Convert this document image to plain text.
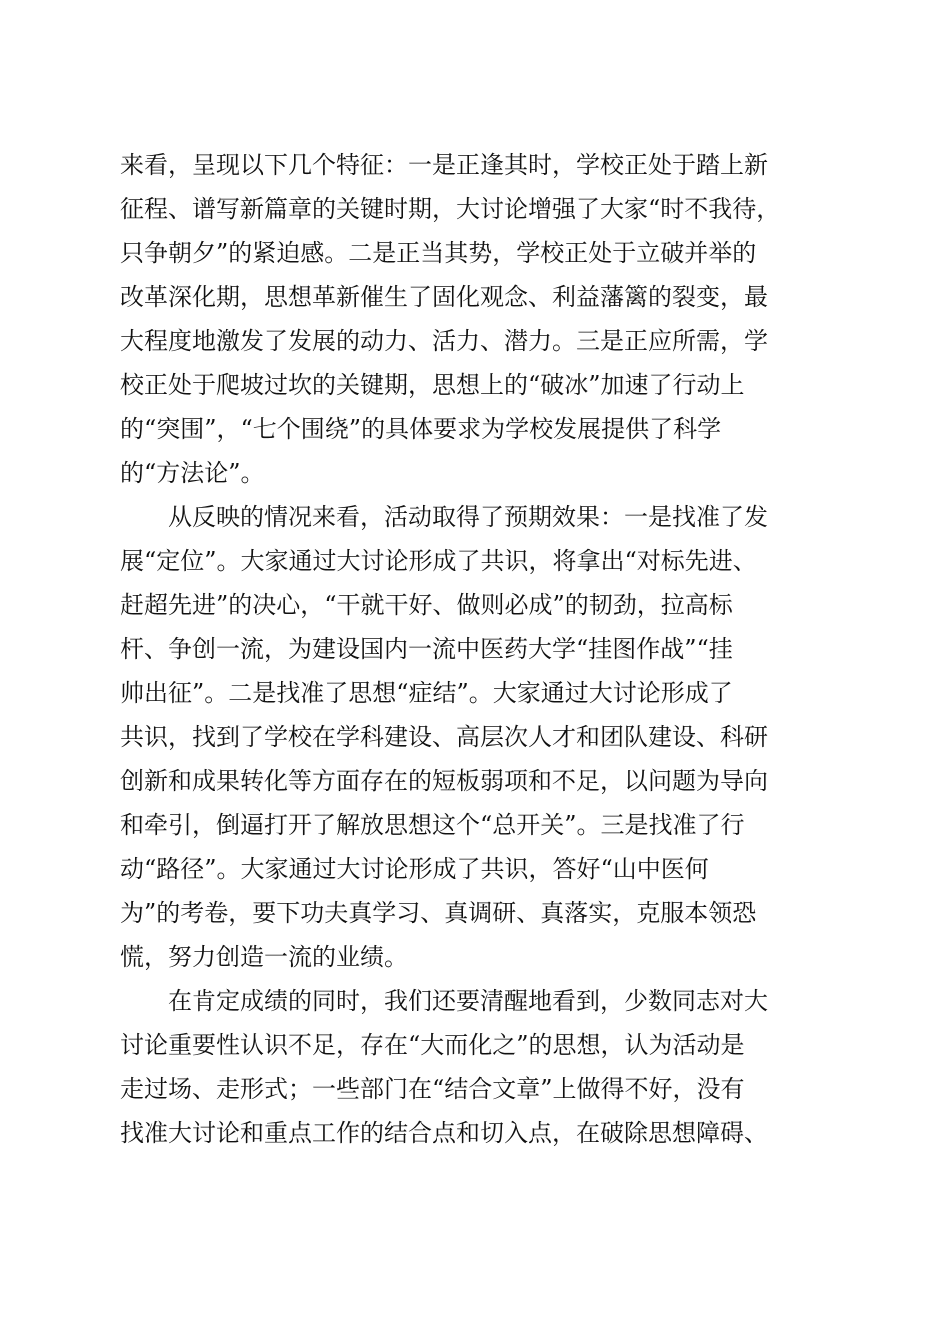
来看，呈现以下几个特征：一是正逢其时，学校正处于踏上新
征程、谱写新篇章的关键时期，大讨论增强了大家“时不我待，
只争朝夕”的紧迫感。二是正当其势，学校正处于立破并举的
改革深化期，思想革新催生了固化观念、利益藩篱的裂变，最
大程度地激发了发展的动力、活力、潜力。三是正应所需，学
校正处于爬坡过坎的关键期，思想上的“破冰”加速了行动上
的“突围”，“七个围绕”的具体要求为学校发展提供了科学
的“方法论”。
从反映的情况来看，活动取得了预期效果：一是找准了发
展“定位”。大家通过大讨论形成了共识，将拿出“对标先进、
赶超先进”的决心，“干就干好、做则必成”的韧劲，拉高标
杆、争创一流，为建设国内一流中医药大学“挂图作战”“挂
帅出征”。二是找准了思想“症结”。大家通过大讨论形成了
共识，找到了学校在学科建设、高层次人才和团队建设、科研
创新和成果转化等方面存在的短板弱项和不足，以问题为导向
和牵引，倒逼打开了解放思想这个“总开关”。三是找准了行
动“路径”。大家通过大讨论形成了共识，答好“山中医何
为”的考卷，要下功夫真学习、真调研、真落实，克服本领恐
慌，努力创造一流的业绩。
在肯定成绩的同时，我们还要清醒地看到，少数同志对大
讨论重要性认识不足，存在“大而化之”的思想，认为活动是
走过场、走形式；一些部门在“结合文章”上做得不好，没有
找准大讨论和重点工作的结合点和切入点，在破除思想障碍、
